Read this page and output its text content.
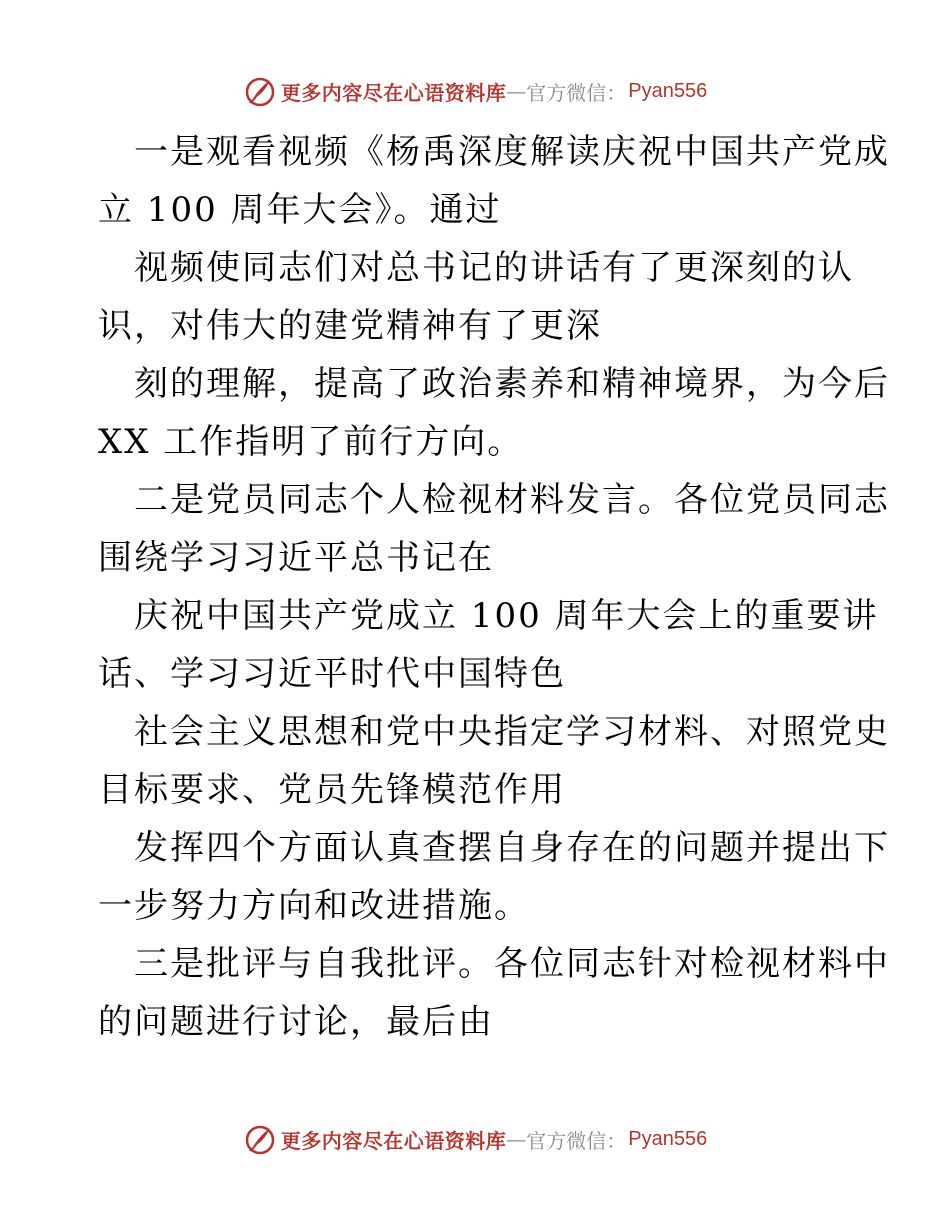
更多内容尽在心语资料库 — 官方微信： Pyan556
一是观看视频《杨禹深度解读庆祝中国共产党成
立 100 周年大会》。通过
视频使同志们对总书记的讲话有了更深刻的认
识，对伟大的建党精神有了更深
刻的理解，提高了政治素养和精神境界，为今后
XX 工作指明了前行方向。
二是党员同志个人检视材料发言。各位党员同志
围绕学习习近平总书记在
庆祝中国共产党成立 100 周年大会上的重要讲
话、学习习近平时代中国特色
社会主义思想和党中央指定学习材料、对照党史
目标要求、党员先锋模范作用
发挥四个方面认真查摆自身存在的问题并提出下
一步努力方向和改进措施。
三是批评与自我批评。各位同志针对检视材料中
的问题进行讨论，最后由
更多内容尽在心语资料库 — 官方微信： Pyan556
